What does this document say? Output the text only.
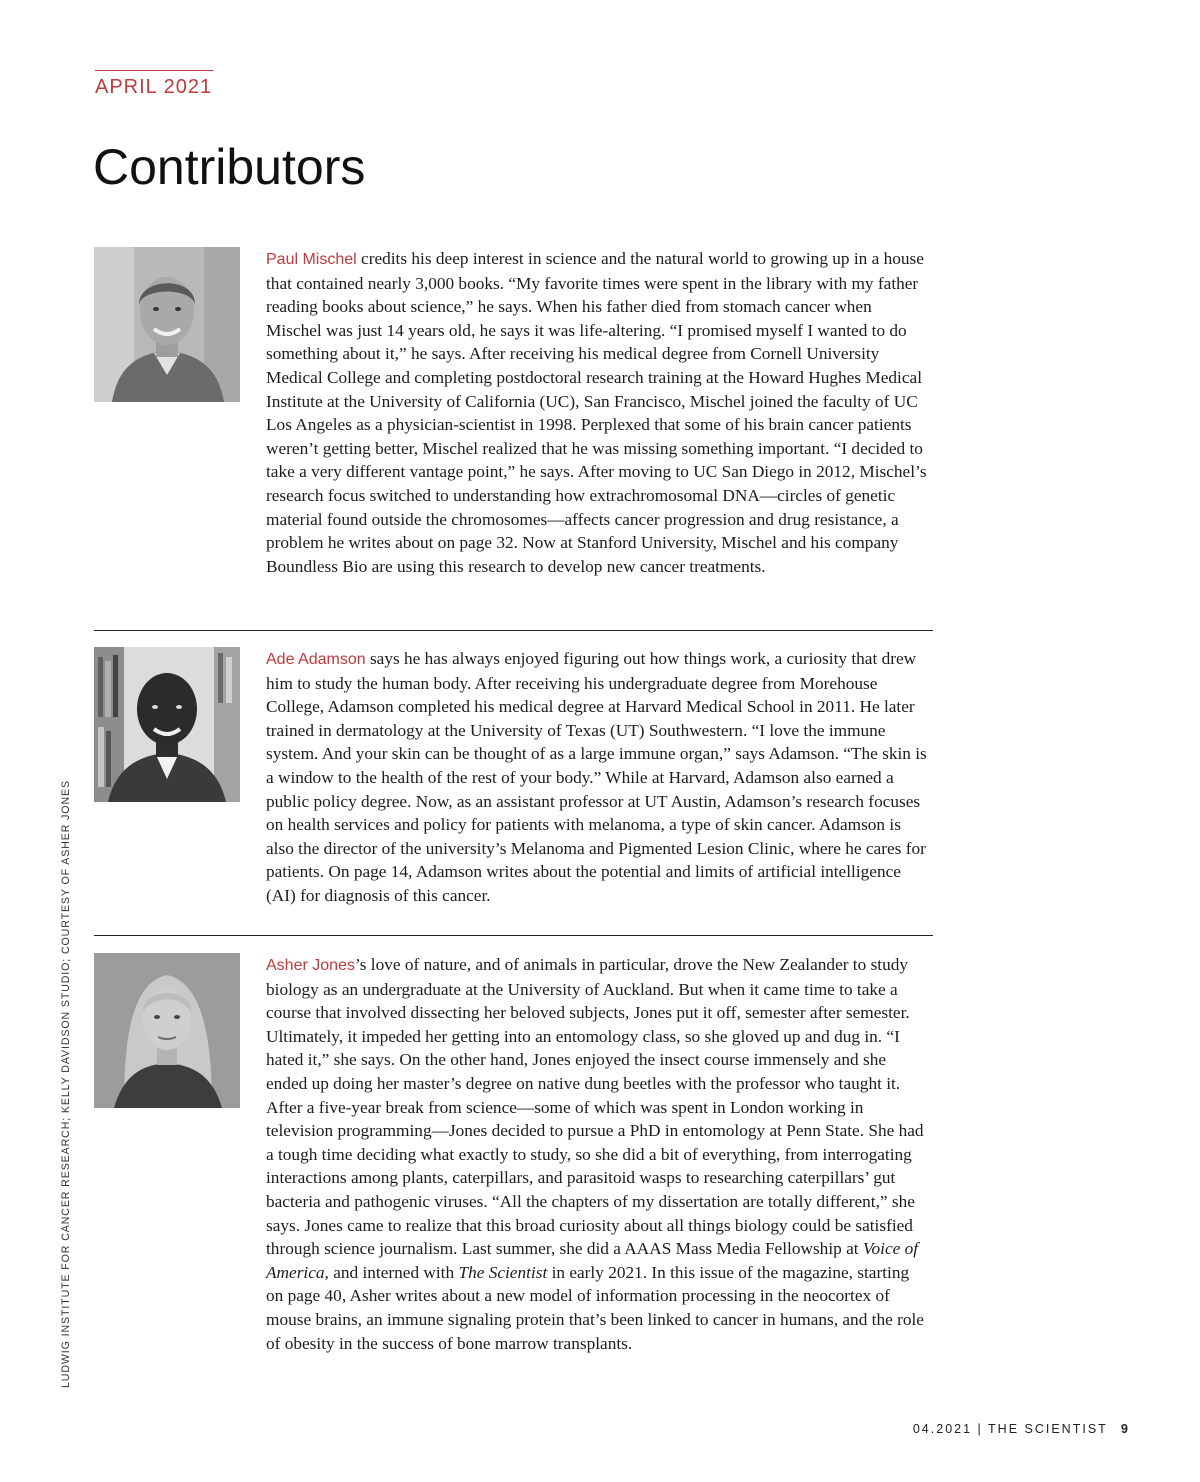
APRIL 2021
Contributors

Paul Mischel credits his deep interest in science and the natural world to growing up in a house that contained nearly 3,000 books. “My favorite times were spent in the library with my father reading books about science,” he says. When his father died from stomach cancer when Mischel was just 14 years old, he says it was life-altering. “I promised myself I wanted to do something about it,” he says. After receiving his medical degree from Cornell University Medical College and completing postdoctoral research training at the Howard Hughes Medical Institute at the University of California (UC), San Francisco, Mischel joined the faculty of UC Los Angeles as a physician-scientist in 1998. Perplexed that some of his brain cancer patients weren’t getting better, Mischel realized that he was missing something important. “I decided to take a very different vantage point,” he says. After moving to UC San Diego in 2012, Mischel’s research focus switched to understanding how extrachromosomal DNA—circles of genetic material found outside the chromosomes—affects cancer progression and drug resistance, a problem he writes about on page 32. Now at Stanford University, Mischel and his company Boundless Bio are using this research to develop new cancer treatments.

Ade Adamson says he has always enjoyed figuring out how things work, a curiosity that drew him to study the human body. After receiving his undergraduate degree from Morehouse College, Adamson completed his medical degree at Harvard Medical School in 2011. He later trained in dermatology at the University of Texas (UT) Southwestern. “I love the immune system. And your skin can be thought of as a large immune organ,” says Adamson. “The skin is a window to the health of the rest of your body.” While at Harvard, Adamson also earned a public policy degree. Now, as an assistant professor at UT Austin, Adamson’s research focuses on health services and policy for patients with melanoma, a type of skin cancer. Adamson is also the director of the university’s Melanoma and Pigmented Lesion Clinic, where he cares for patients. On page 14, Adamson writes about the potential and limits of artificial intelligence (AI) for diagnosis of this cancer.

Asher Jones’s love of nature, and of animals in particular, drove the New Zealander to study biology as an undergraduate at the University of Auckland. But when it came time to take a course that involved dissecting her beloved subjects, Jones put it off, semester after semester. Ultimately, it impeded her getting into an entomology class, so she gloved up and dug in. “I hated it,” she says. On the other hand, Jones enjoyed the insect course immensely and she ended up doing her master’s degree on native dung beetles with the professor who taught it. After a five-year break from science—some of which was spent in London working in television programming—Jones decided to pursue a PhD in entomology at Penn State. She had a tough time deciding what exactly to study, so she did a bit of everything, from interrogating interactions among plants, caterpillars, and parasitoid wasps to researching caterpillars’ gut bacteria and pathogenic viruses. “All the chapters of my dissertation are totally different,” she says. Jones came to realize that this broad curiosity about all things biology could be satisfied through science journalism. Last summer, she did a AAAS Mass Media Fellowship at Voice of America, and interned with The Scientist in early 2021. In this issue of the magazine, starting on page 40, Asher writes about a new model of information processing in the neocortex of mouse brains, an immune signaling protein that’s been linked to cancer in humans, and the role of obesity in the success of bone marrow transplants.

LUDWIG INSTITUTE FOR CANCER RESEARCH; KELLY DAVIDSON STUDIO; COURTESY OF ASHER JONES
04.2021 | THE SCIENTIST 9
